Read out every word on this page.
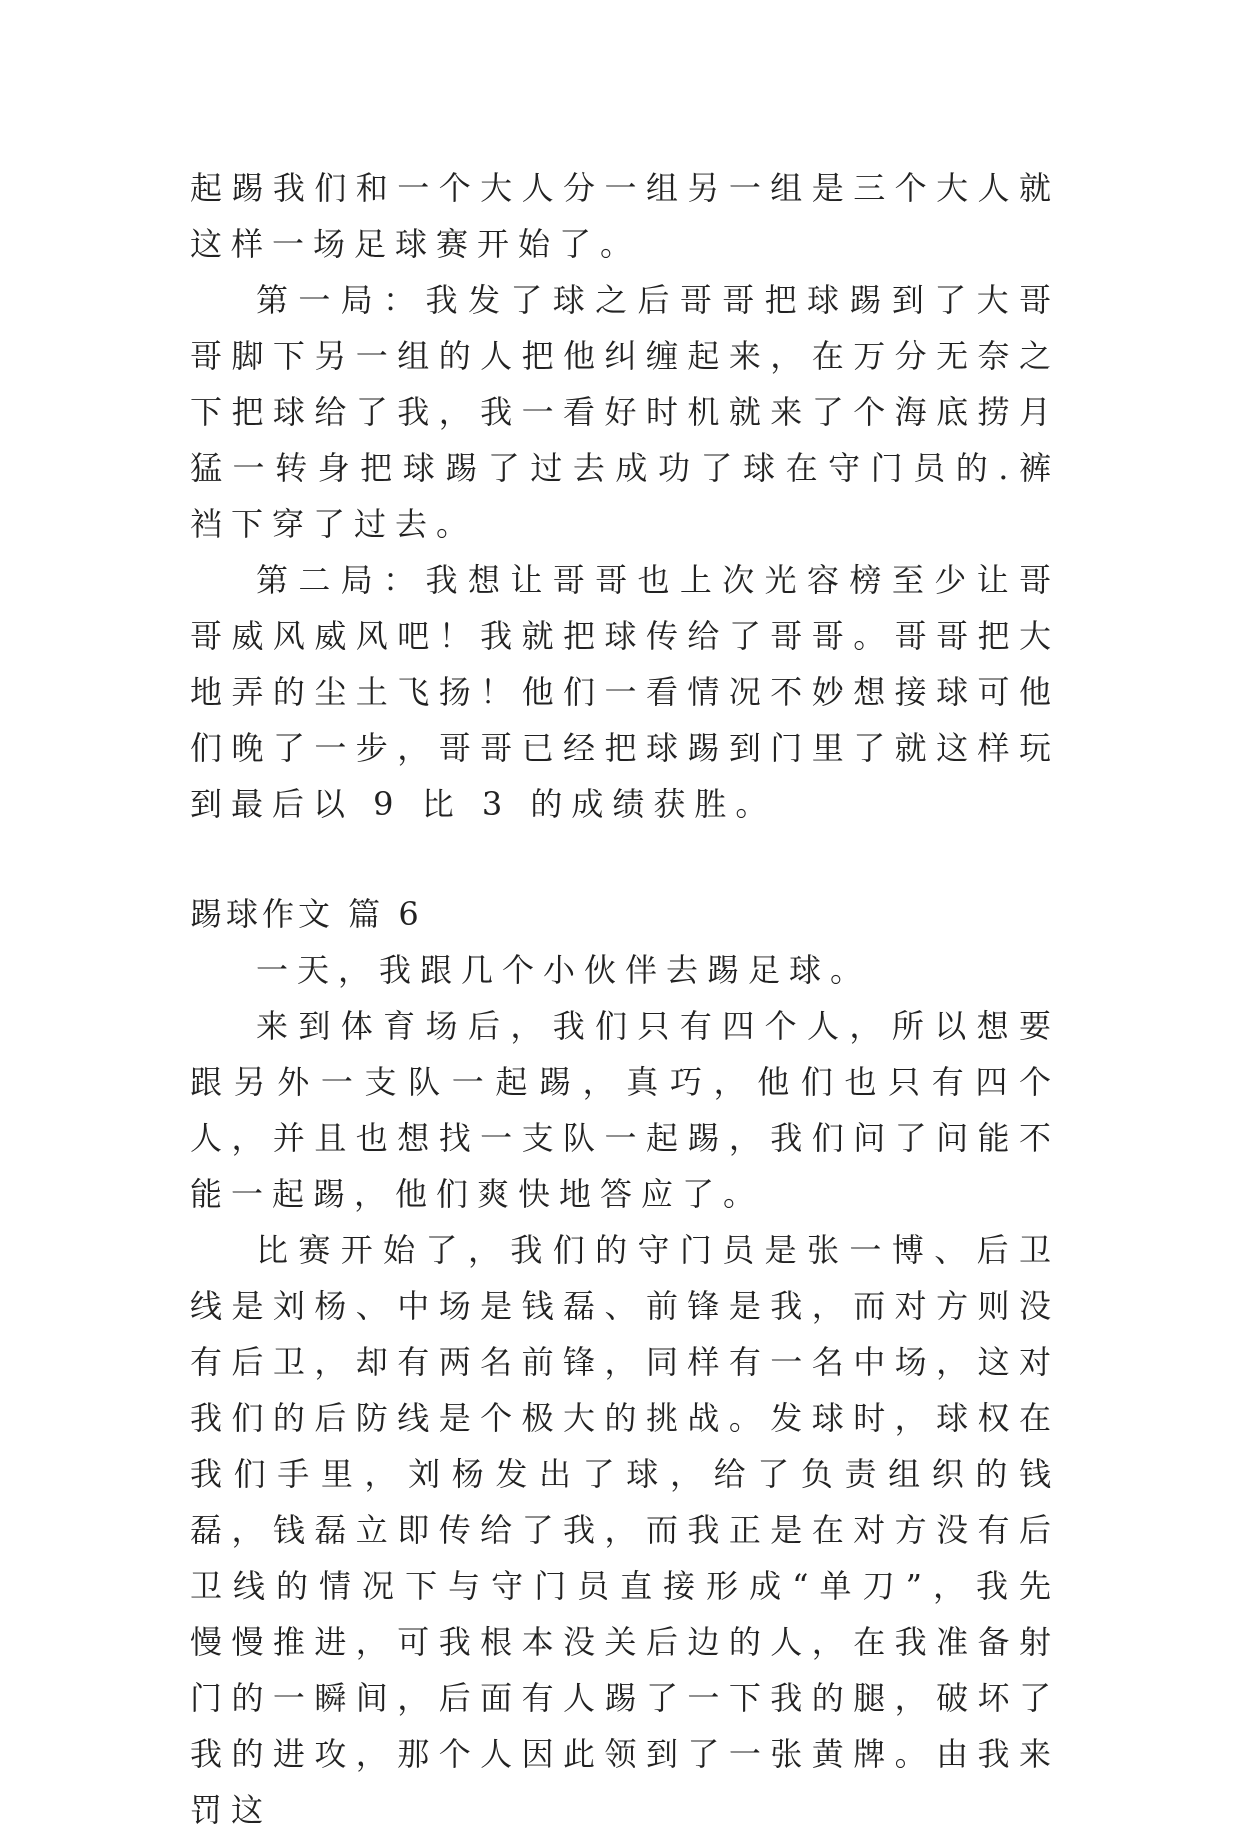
起踢我们和一个大人分一组另一组是三个大人就这样一场足球赛开始了。

第一局：我发了球之后哥哥把球踢到了大哥哥脚下另一组的人把他纠缠起来，在万分无奈之下把球给了我，我一看好时机就来了个海底捞月猛一转身把球踢了过去成功了球在守门员的.裤裆下穿了过去。

第二局：我想让哥哥也上次光容榜至少让哥哥威风威风吧！我就把球传给了哥哥。哥哥把大地弄的尘土飞扬！他们一看情况不妙想接球可他们晚了一步，哥哥已经把球踢到门里了就这样玩到最后以 9 比 3 的成绩获胜。

踢球作文 篇 6

一天，我跟几个小伙伴去踢足球。

来到体育场后，我们只有四个人，所以想要跟另外一支队一起踢，真巧，他们也只有四个人，并且也想找一支队一起踢，我们问了问能不能一起踢，他们爽快地答应了。

比赛开始了，我们的守门员是张一博、后卫线是刘杨、中场是钱磊、前锋是我，而对方则没有后卫，却有两名前锋，同样有一名中场，这对我们的后防线是个极大的挑战。发球时，球权在我们手里，刘杨发出了球，给了负责组织的钱磊，钱磊立即传给了我，而我正是在对方没有后卫线的情况下与守门员直接形成“单刀”，我先慢慢推进，可我根本没关后边的人，在我准备射门的一瞬间，后面有人踢了一下我的腿，破坏了我的进攻，那个人因此领到了一张黄牌。由我来罚这
